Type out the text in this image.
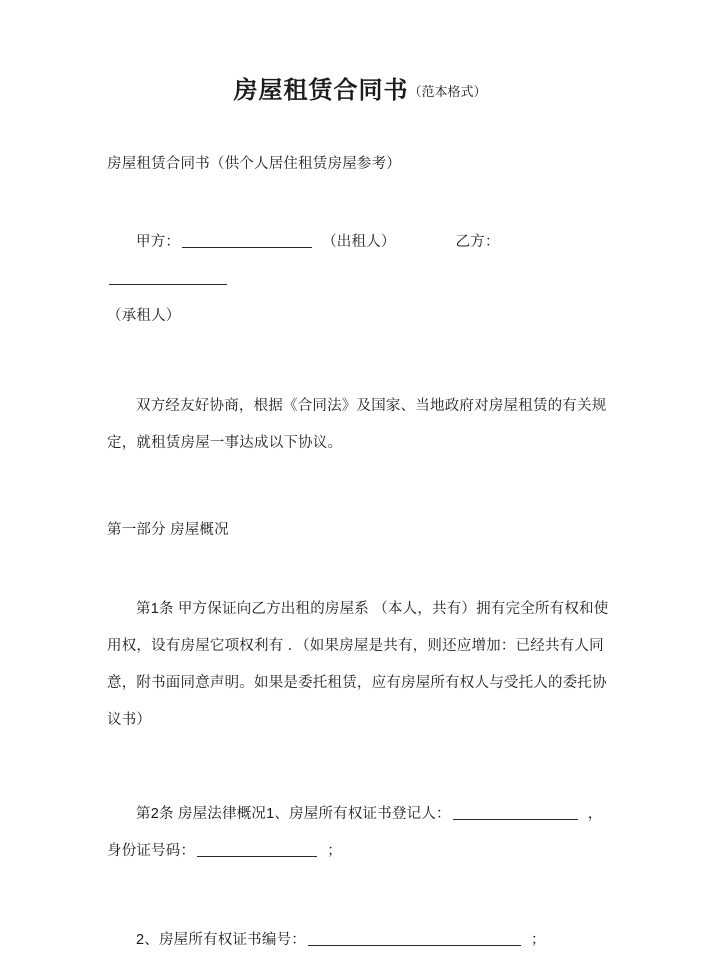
房屋租赁合同书（范本格式）

房屋租赁合同书（供个人居住租赁房屋参考）

甲方：	（出租人）	乙方：

（承租人）

双方经友好协商，根据《合同法》及国家、当地政府对房屋租赁的有关规定，就租赁房屋一事达成以下协议。

第一部分 房屋概况

第1条 甲方保证向乙方出租的房屋系 （本人，共有）拥有完全所有权和使用权，设有房屋它项权利有 ．（如果房屋是共有，则还应增加：已经共有人同意，附书面同意声明。如果是委托租赁，应有房屋所有权人与受托人的委托协议书）

第2条 房屋法律概况1、房屋所有权证书登记人：	，身份证号码：	；

2、房屋所有权证书编号：	；
